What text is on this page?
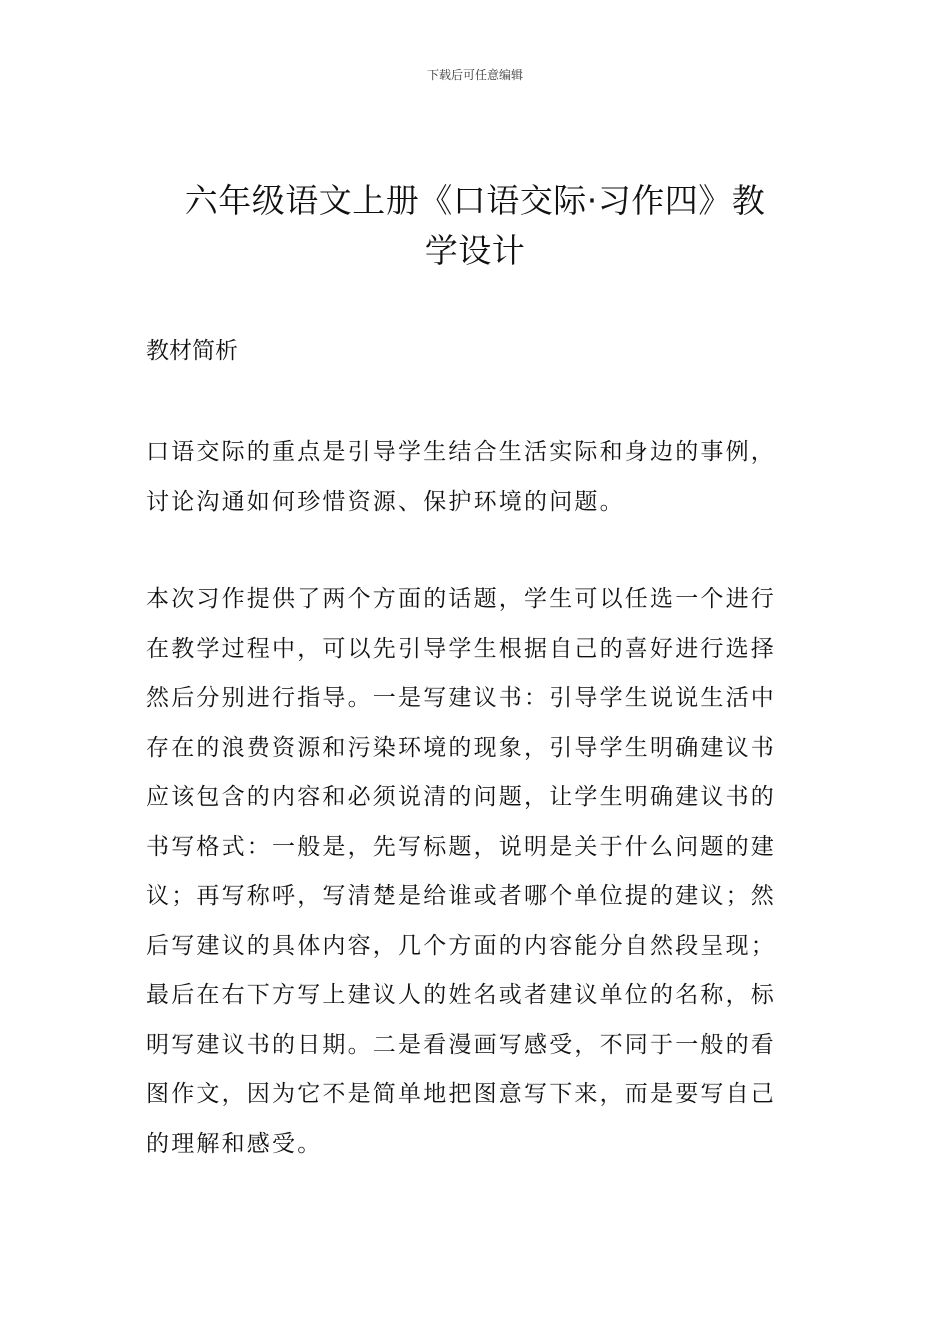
下载后可任意编辑
六年级语文上册《口语交际·习作四》教
学设计
教材简析

口语交际的重点是引导学生结合生活实际和身边的事例，
讨论沟通如何珍惜资源、保护环境的问题。

本次习作提供了两个方面的话题，学生可以任选一个进行
在教学过程中，可以先引导学生根据自己的喜好进行选择
然后分别进行指导。一是写建议书：引导学生说说生活中
存在的浪费资源和污染环境的现象，引导学生明确建议书
应该包含的内容和必须说清的问题，让学生明确建议书的
书写格式：一般是，先写标题，说明是关于什么问题的建
议；再写称呼，写清楚是给谁或者哪个单位提的建议；然
后写建议的具体内容，几个方面的内容能分自然段呈现；
最后在右下方写上建议人的姓名或者建议单位的名称，标
明写建议书的日期。二是看漫画写感受，不同于一般的看
图作文，因为它不是简单地把图意写下来，而是要写自己
的理解和感受。
